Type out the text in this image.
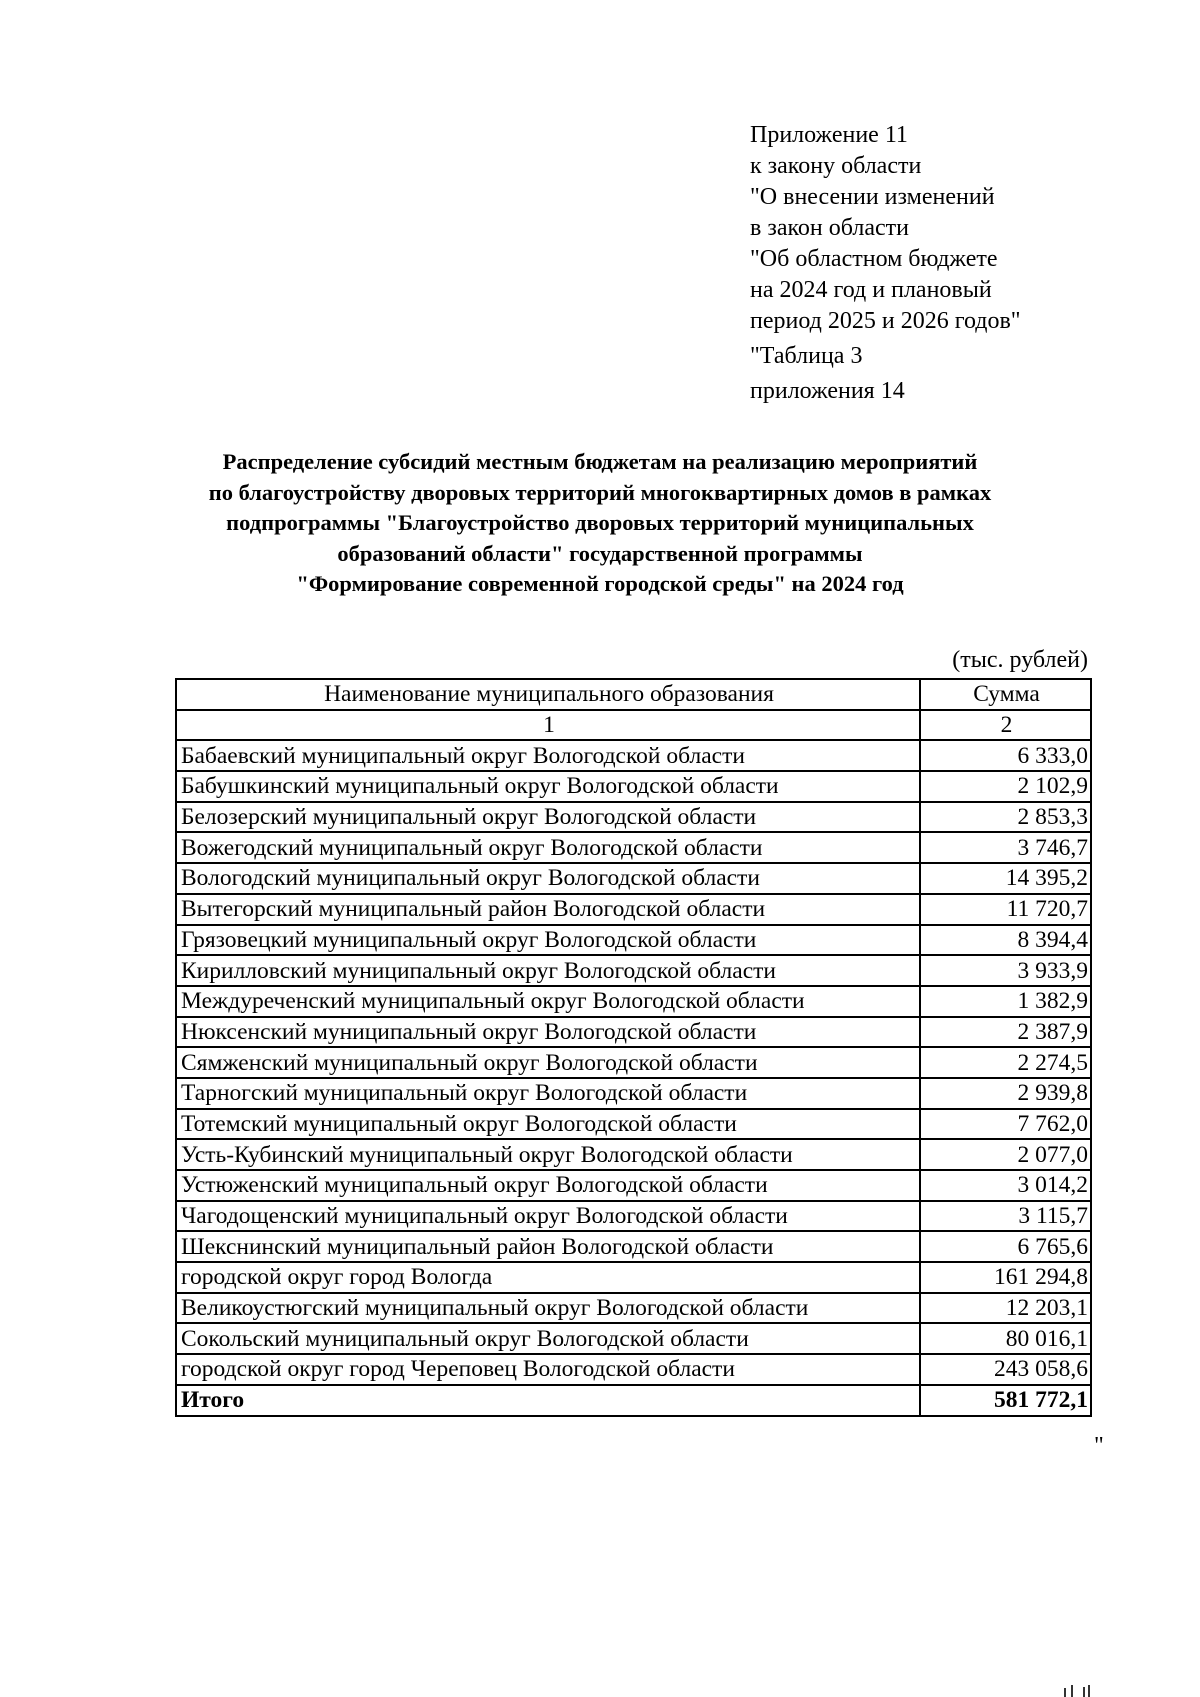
Приложение 11
к закону области
"О внесении изменений
в закон области
"Об областном бюджете
на 2024 год и плановый
период 2025 и 2026 годов"
"Таблица 3
приложения 14
Распределение субсидий местным бюджетам на реализацию мероприятий
по благоустройству дворовых территорий многоквартирных домов в рамках
подпрограммы "Благоустройство дворовых территорий муниципальных
образований области" государственной программы
"Формирование современной городской среды" на 2024 год
(тыс. рублей)
Наименование муниципального образования	Сумма
1	2
Бабаевский муниципальный округ Вологодской области	6 333,0
Бабушкинский муниципальный округ Вологодской области	2 102,9
Белозерский муниципальный округ Вологодской области	2 853,3
Вожегодский муниципальный округ Вологодской области	3 746,7
Вологодский муниципальный округ Вологодской области	14 395,2
Вытегорский муниципальный район Вологодской области	11 720,7
Грязовецкий муниципальный округ Вологодской области	8 394,4
Кирилловский муниципальный округ Вологодской области	3 933,9
Междуреченский муниципальный округ Вологодской области	1 382,9
Нюксенский муниципальный округ Вологодской области	2 387,9
Сямженский муниципальный округ Вологодской области	2 274,5
Тарногский муниципальный округ Вологодской области	2 939,8
Тотемский муниципальный округ Вологодской области	7 762,0
Усть-Кубинский муниципальный округ Вологодской области	2 077,0
Устюженский муниципальный округ Вологодской области	3 014,2
Чагодощенский муниципальный округ Вологодской области	3 115,7
Шекснинский муниципальный район Вологодской области	6 765,6
городской округ город Вологда	161 294,8
Великоустюгский муниципальный округ Вологодской области	12 203,1
Сокольский муниципальный округ Вологодской области	80 016,1
городской округ город Череповец Вологодской области	243 058,6
Итого	581 772,1
"
